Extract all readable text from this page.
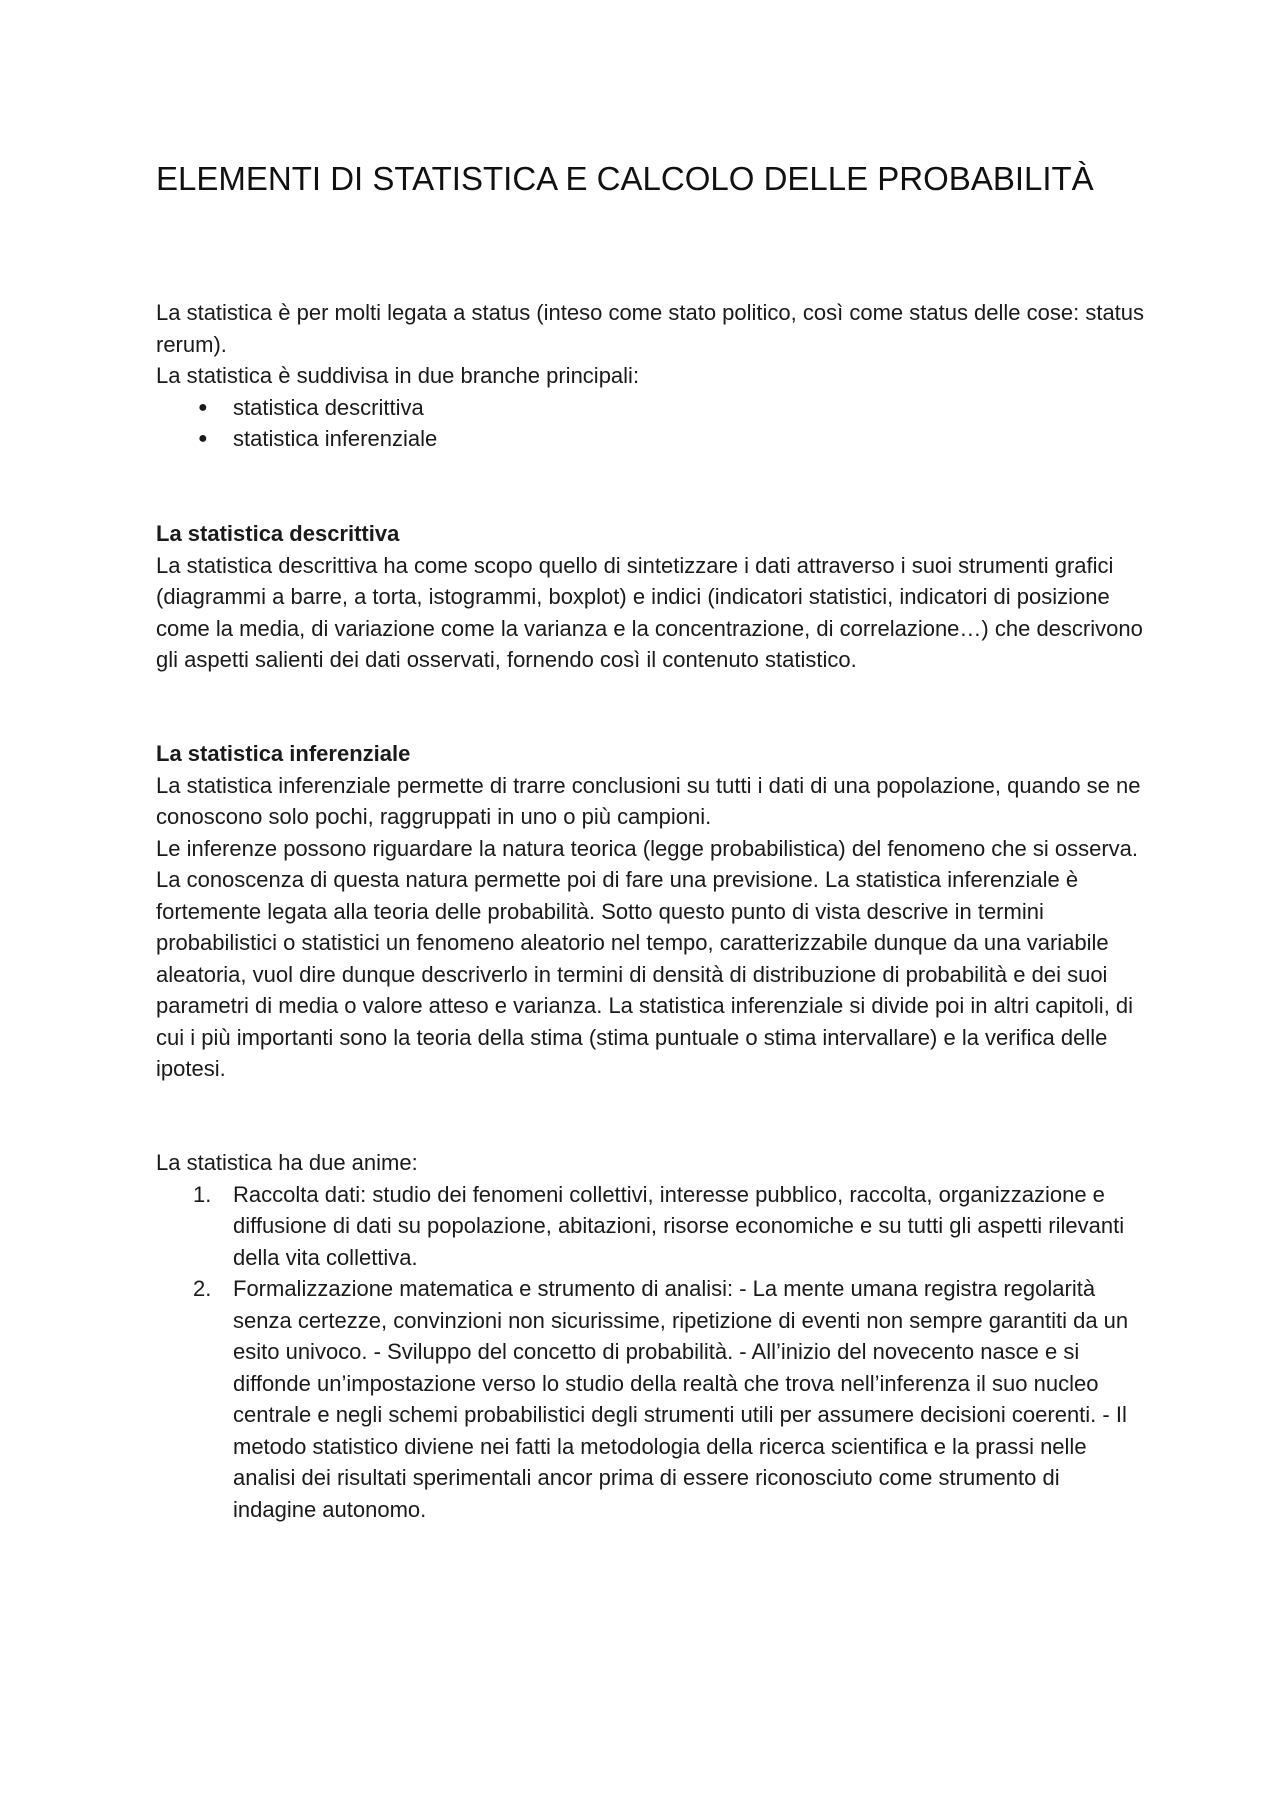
ELEMENTI DI STATISTICA E CALCOLO DELLE PROBABILITÀ

La statistica è per molti legata a status (inteso come stato politico, così come status delle cose: status rerum).

La statistica è suddivisa in due branche principali:

● statistica descrittiva
● statistica inferenziale

La statistica descrittiva

La statistica descrittiva ha come scopo quello di sintetizzare i dati attraverso i suoi strumenti grafici (diagrammi a barre, a torta, istogrammi, boxplot) e indici (indicatori statistici, indicatori di posizione come la media, di variazione come la varianza e la concentrazione, di correlazione…) che descrivono gli aspetti salienti dei dati osservati, fornendo così il contenuto statistico.

La statistica inferenziale

La statistica inferenziale permette di trarre conclusioni su tutti i dati di una popolazione, quando se ne conoscono solo pochi, raggruppati in uno o più campioni.

Le inferenze possono riguardare la natura teorica (legge probabilistica) del fenomeno che si osserva. La conoscenza di questa natura permette poi di fare una previsione. La statistica inferenziale è fortemente legata alla teoria delle probabilità. Sotto questo punto di vista descrive in termini probabilistici o statistici un fenomeno aleatorio nel tempo, caratterizzabile dunque da una variabile aleatoria, vuol dire dunque descriverlo in termini di densità di distribuzione di probabilità e dei suoi parametri di media o valore atteso e varianza. La statistica inferenziale si divide poi in altri capitoli, di cui i più importanti sono la teoria della stima (stima puntuale o stima intervallare) e la verifica delle ipotesi.

La statistica ha due anime:

1. Raccolta dati: studio dei fenomeni collettivi, interesse pubblico, raccolta, organizzazione e diffusione di dati su popolazione, abitazioni, risorse economiche e su tutti gli aspetti rilevanti della vita collettiva.
2. Formalizzazione matematica e strumento di analisi: - La mente umana registra regolarità senza certezze, convinzioni non sicurissime, ripetizione di eventi non sempre garantiti da un esito univoco. - Sviluppo del concetto di probabilità. - All’inizio del novecento nasce e si diffonde un’impostazione verso lo studio della realtà che trova nell’inferenza il suo nucleo centrale e negli schemi probabilistici degli strumenti utili per assumere decisioni coerenti. - Il metodo statistico diviene nei fatti la metodologia della ricerca scientifica e la prassi nelle analisi dei risultati sperimentali ancor prima di essere riconosciuto come strumento di indagine autonomo.
